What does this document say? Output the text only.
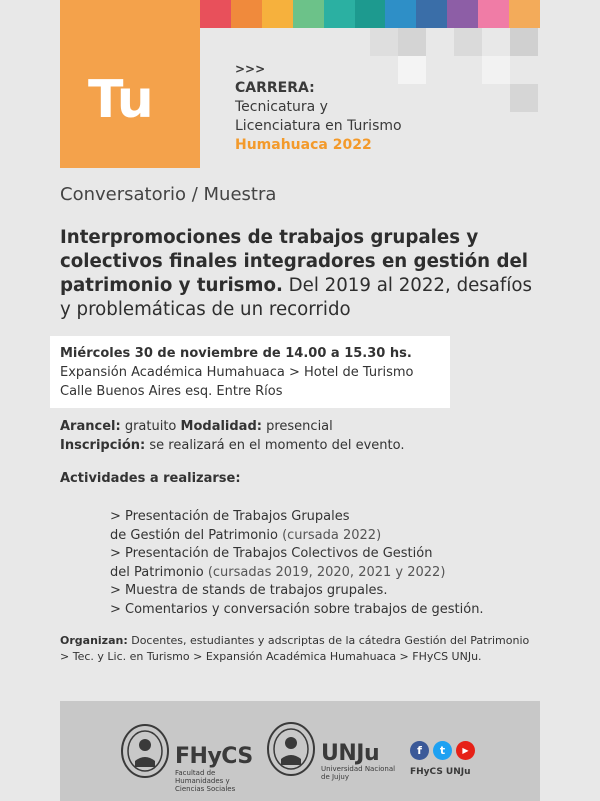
Tu
>>>
CARRERA:
Tecnicatura y
Licenciatura en Turismo
Humahuaca 2022
Conversatorio / Muestra
Interpromociones de trabajos grupales y colectivos finales integradores en gestión del patrimonio y turismo. Del 2019 al 2022, desafíos y problemáticas de un recorrido
Miércoles 30 de noviembre de 14.00 a 15.30 hs.
Expansión Académica Humahuaca > Hotel de Turismo
Calle Buenos Aires esq. Entre Ríos
Arancel: gratuito Modalidad: presencial
Inscripción: se realizará en el momento del evento.
Actividades a realizarse:
> Presentación de Trabajos Grupales
de Gestión del Patrimonio (cursada 2022)
> Presentación de Trabajos Colectivos de Gestión
del Patrimonio (cursadas 2019, 2020, 2021 y 2022)
> Muestra de stands de trabajos grupales.
> Comentarios y conversación sobre trabajos de gestión.
Organizan: Docentes, estudiantes y adscriptas de la cátedra Gestión del Patrimonio > Tec. y Lic. en Turismo > Expansión Académica Humahuaca > FHyCS UNJu.
FHyCS
Facultad de Humanidades y Ciencias Sociales
UNJu
Universidad Nacional de Jujuy
f	t	▶
FHyCS UNJu
